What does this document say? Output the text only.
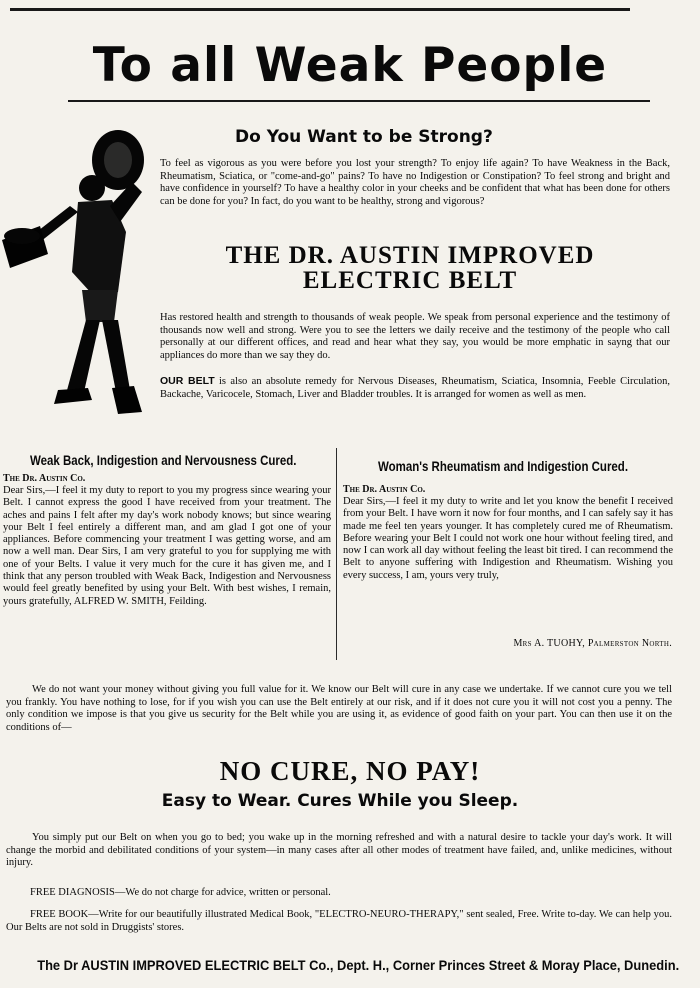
To all Weak People
Do You Want to be Strong?
To feel as vigorous as you were before you lost your strength? To enjoy life again? To have Weakness in the Back, Rheumatism, Sciatica, or "come-and-go" pains? To have no Indigestion or Constipation? To feel strong and bright and have confidence in yourself? To have a healthy color in your cheeks and be confident that what has been done for others can be done for you? In fact, do you want to be healthy, strong and vigorous?
THE DR. AUSTIN IMPROVED
ELECTRIC BELT
Has restored health and strength to thousands of weak people. We speak from personal experience and the testimony of thousands now well and strong. Were you to see the letters we daily receive and the testimony of the people who call personally at our different offices, and read and hear what they say, you would be more emphatic in sayng that our appliances do more than we say they do.
OUR BELT is also an absolute remedy for Nervous Diseases, Rheumatism, Sciatica, Insomnia, Feeble Circulation, Backache, Varicocele, Stomach, Liver and Bladder troubles. It is arranged for women as well as men.
Weak Back, Indigestion and Nervousness Cured.
The Dr. Austin Co.
Dear Sirs,—I feel it my duty to report to you my progress since wearing your Belt. I cannot express the good I have received from your treatment. The aches and pains I felt after my day's work nobody knows; but since wearing your Belt I feel entirely a different man, and am glad I got one of your appliances. Before commencing your treatment I was getting worse, and am now a well man. Dear Sirs, I am very grateful to you for supplying me with one of your Belts. I value it very much for the cure it has given me, and I think that any person troubled with Weak Back, Indigestion and Nervousness would feel greatly benefited by using your Belt. With best wishes, I remain, yours gratefully, ALFRED W. SMITH, Feilding.
Woman's Rheumatism and Indigestion Cured.
The Dr. Austin Co.
Dear Sirs,—I feel it my duty to write and let you know the benefit I received from your Belt. I have worn it now for four months, and I can safely say it has made me feel ten years younger. It has completely cured me of Rheumatism. Before wearing your Belt I could not work one hour without feeling tired, and now I can work all day without feeling the least bit tired. I can recommend the Belt to anyone suffering with Indigestion and Rheumatism. Wishing you every success, I am, yours very truly,
Mrs A. TUOHY, Palmerston North.
We do not want your money without giving you full value for it. We know our Belt will cure in any case we undertake. If we cannot cure you we tell you frankly. You have nothing to lose, for if you wish you can use the Belt entirely at our risk, and if it does not cure you it will not cost you a penny. The only condition we impose is that you give us security for the Belt while you are using it, as evidence of good faith on your part. You can then use it on the conditions of—
NO CURE, NO PAY!
Easy to Wear. Cures While you Sleep.
You simply put our Belt on when you go to bed; you wake up in the morning refreshed and with a natural desire to tackle your day's work. It will change the morbid and debilitated conditions of your system—in many cases after all other modes of treatment have failed, and, unlike medicines, without injury.
FREE DIAGNOSIS—We do not charge for advice, written or personal.
FREE BOOK—Write for our beautifully illustrated Medical Book, "ELECTRO-NEURO-THERAPY," sent sealed, Free. Write to-day. We can help you. Our Belts are not sold in Druggists' stores.
The Dr AUSTIN IMPROVED ELECTRIC BELT Co., Dept. H., Corner Princes Street & Moray Place, Dunedin.
